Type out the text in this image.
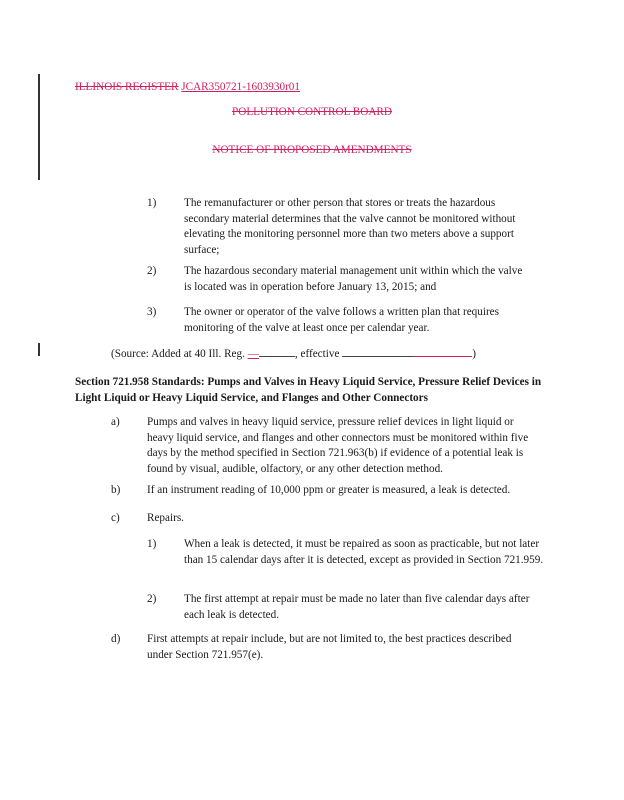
ILLINOIS REGISTER JCAR350721-1603930r01
POLLUTION CONTROL BOARD
NOTICE OF PROPOSED AMENDMENTS
1) The remanufacturer or other person that stores or treats the hazardous secondary material determines that the valve cannot be monitored without elevating the monitoring personnel more than two meters above a support surface;
2) The hazardous secondary material management unit within which the valve is located was in operation before January 13, 2015; and
3) The owner or operator of the valve follows a written plan that requires monitoring of the valve at least once per calendar year.
(Source: Added at 40 Ill. Reg. —	, effective	)
Section 721.958 Standards: Pumps and Valves in Heavy Liquid Service, Pressure Relief Devices in Light Liquid or Heavy Liquid Service, and Flanges and Other Connectors
a) Pumps and valves in heavy liquid service, pressure relief devices in light liquid or heavy liquid service, and flanges and other connectors must be monitored within five days by the method specified in Section 721.963(b) if evidence of a potential leak is found by visual, audible, olfactory, or any other detection method.
b) If an instrument reading of 10,000 ppm or greater is measured, a leak is detected.
c) Repairs.
1) When a leak is detected, it must be repaired as soon as practicable, but not later than 15 calendar days after it is detected, except as provided in Section 721.959.
2) The first attempt at repair must be made no later than five calendar days after each leak is detected.
d) First attempts at repair include, but are not limited to, the best practices described under Section 721.957(e).
